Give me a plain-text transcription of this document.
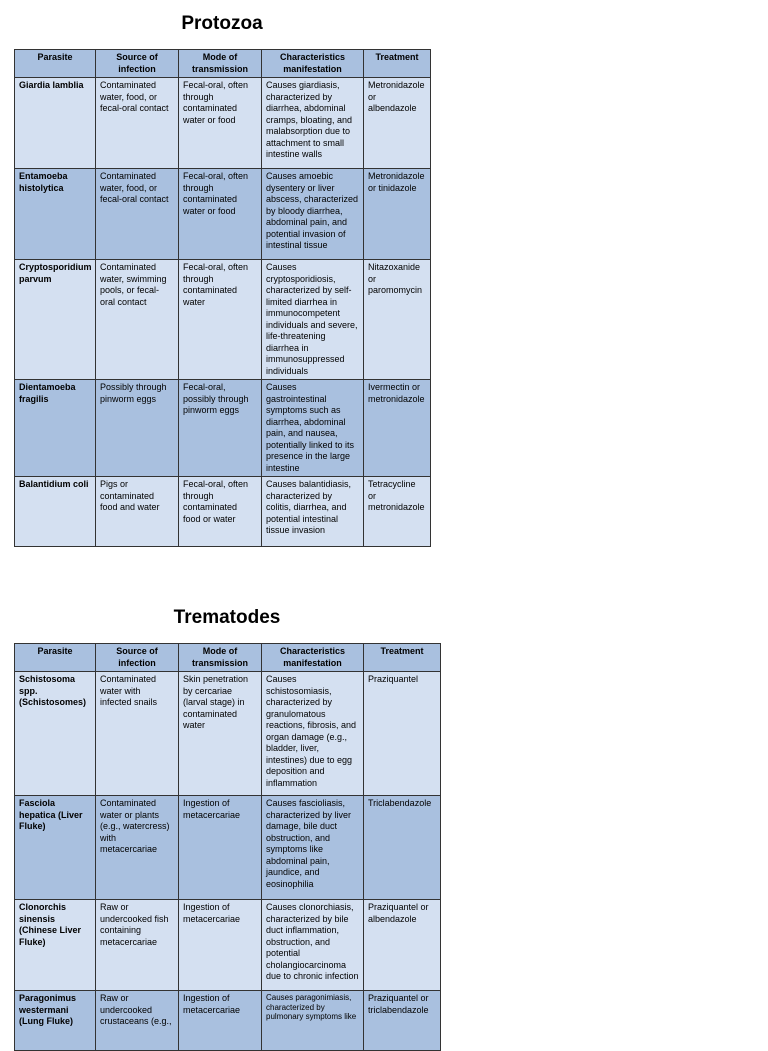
Protozoa
Parasite	Source of infection	Mode of transmission	Characteristics manifestation	Treatment
Giardia lamblia	Contaminated water, food, or fecal-oral contact	Fecal-oral, often through contaminated water or food	Causes giardiasis, characterized by diarrhea, abdominal cramps, bloating, and malabsorption due to attachment to small intestine walls	Metronidazole or albendazole
Entamoeba histolytica	Contaminated water, food, or fecal-oral contact	Fecal-oral, often through contaminated water or food	Causes amoebic dysentery or liver abscess, characterized by bloody diarrhea, abdominal pain, and potential invasion of intestinal tissue	Metronidazole or tinidazole
Cryptosporidium parvum	Contaminated water, swimming pools, or fecal-oral contact	Fecal-oral, often through contaminated water	Causes cryptosporidiosis, characterized by self-limited diarrhea in immunocompetent individuals and severe, life-threatening diarrhea in immunosuppressed individuals	Nitazoxanide or paromomycin
Dientamoeba fragilis	Possibly through pinworm eggs	Fecal-oral, possibly through pinworm eggs	Causes gastrointestinal symptoms such as diarrhea, abdominal pain, and nausea, potentially linked to its presence in the large intestine	Ivermectin or metronidazole
Balantidium coli	Pigs or contaminated food and water	Fecal-oral, often through contaminated food or water	Causes balantidiasis, characterized by colitis, diarrhea, and potential intestinal tissue invasion	Tetracycline or metronidazole
Trematodes
Parasite	Source of infection	Mode of transmission	Characteristics manifestation	Treatment
Schistosoma spp. (Schistosomes)	Contaminated water with infected snails	Skin penetration by cercariae (larval stage) in contaminated water	Causes schistosomiasis, characterized by granulomatous reactions, fibrosis, and organ damage (e.g., bladder, liver, intestines) due to egg deposition and inflammation	Praziquantel
Fasciola hepatica (Liver Fluke)	Contaminated water or plants (e.g., watercress) with metacercariae	Ingestion of metacercariae	Causes fascioliasis, characterized by liver damage, bile duct obstruction, and symptoms like abdominal pain, jaundice, and eosinophilia	Triclabendazole
Clonorchis sinensis (Chinese Liver Fluke)	Raw or undercooked fish containing metacercariae	Ingestion of metacercariae	Causes clonorchiasis, characterized by bile duct inflammation, obstruction, and potential cholangiocarcinoma due to chronic infection	Praziquantel or albendazole
Paragonimus westermani (Lung Fluke)	Raw or undercooked crustaceans (e.g.,	Ingestion of metacercariae	Causes paragonimiasis, characterized by pulmonary symptoms like	Praziquantel or triclabendazole
